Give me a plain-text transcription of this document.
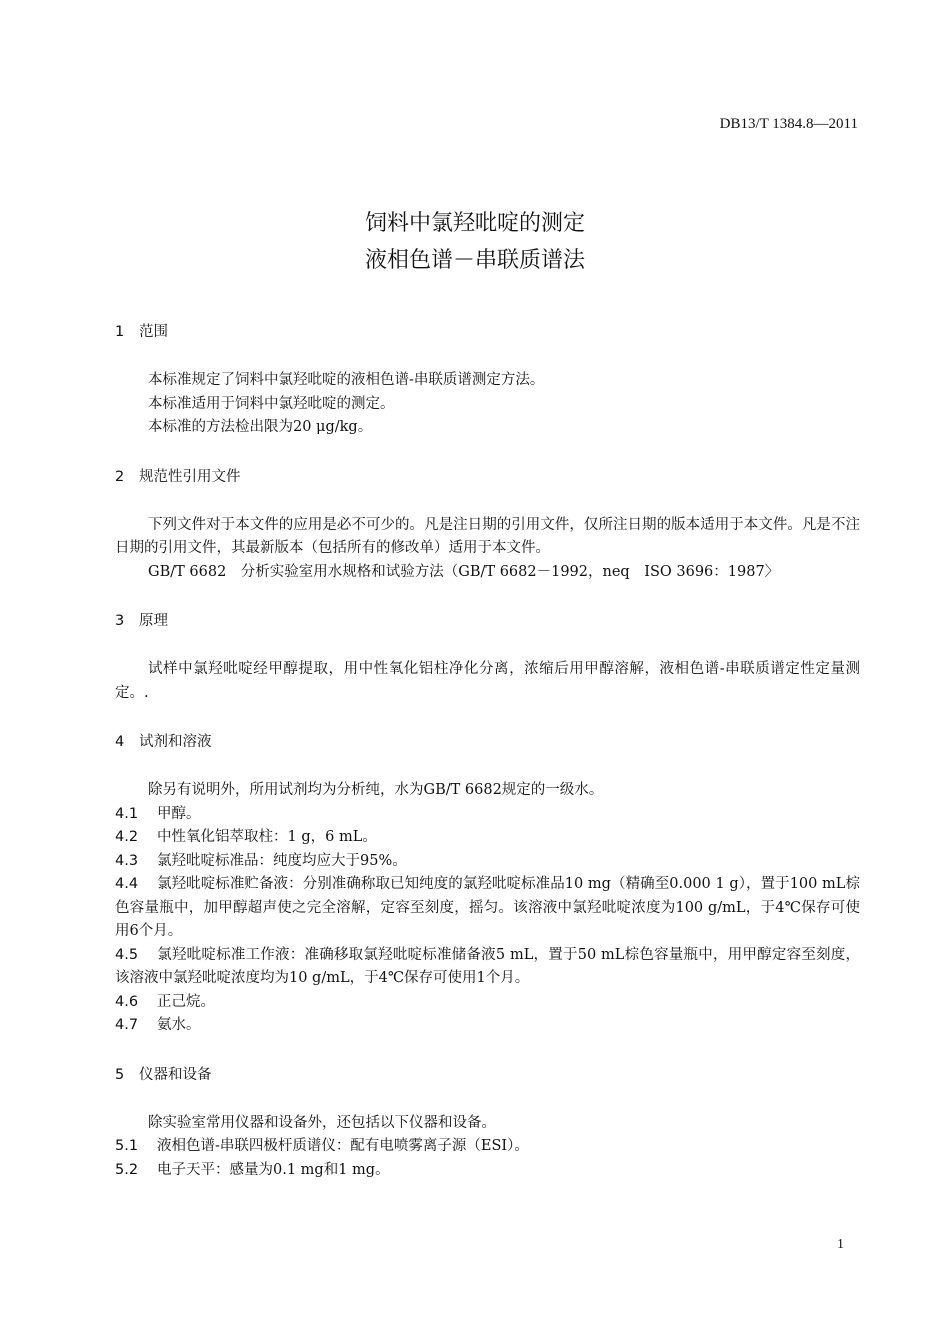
DB13/T 1384.8—2011
饲料中氯羟吡啶的测定
液相色谱－串联质谱法
1 范围
本标准规定了饲料中氯羟吡啶的液相色谱-串联质谱测定方法。
本标准适用于饲料中氯羟吡啶的测定。
本标准的方法检出限为20 μg/kg。
2 规范性引用文件
下列文件对于本文件的应用是必不可少的。凡是注日期的引用文件，仅所注日期的版本适用于本文件。凡是不注日期的引用文件，其最新版本（包括所有的修改单）适用于本文件。
GB/T 6682　分析实验室用水规格和试验方法（GB/T 6682－1992，neq　ISO 3696：1987〉
3 原理
试样中氯羟吡啶经甲醇提取，用中性氧化铝柱净化分离，浓缩后用甲醇溶解，液相色谱-串联质谱定性定量测定。.
4 试剂和溶液
除另有说明外，所用试剂均为分析纯，水为GB/T 6682规定的一级水。
4.1 甲醇。
4.2 中性氧化铝萃取柱：1 g，6 mL。
4.3 氯羟吡啶标准品：纯度均应大于95%。
4.4 氯羟吡啶标准贮备液：分别准确称取已知纯度的氯羟吡啶标准品10 mg（精确至0.000 1 g），置于100 mL棕色容量瓶中，加甲醇超声使之完全溶解，定容至刻度，摇匀。该溶液中氯羟吡啶浓度为100 g/mL，于4℃保存可使用6个月。
4.5 氯羟吡啶标准工作液：准确移取氯羟吡啶标准储备液5 mL，置于50 mL棕色容量瓶中，用甲醇定容至刻度，该溶液中氯羟吡啶浓度均为10 g/mL，于4℃保存可使用1个月。
4.6 正己烷。
4.7 氨水。
5 仪器和设备
除实验室常用仪器和设备外，还包括以下仪器和设备。
5.1 液相色谱-串联四极杆质谱仪：配有电喷雾离子源（ESI）。
5.2 电子天平：感量为0.1 mg和1 mg。
1
